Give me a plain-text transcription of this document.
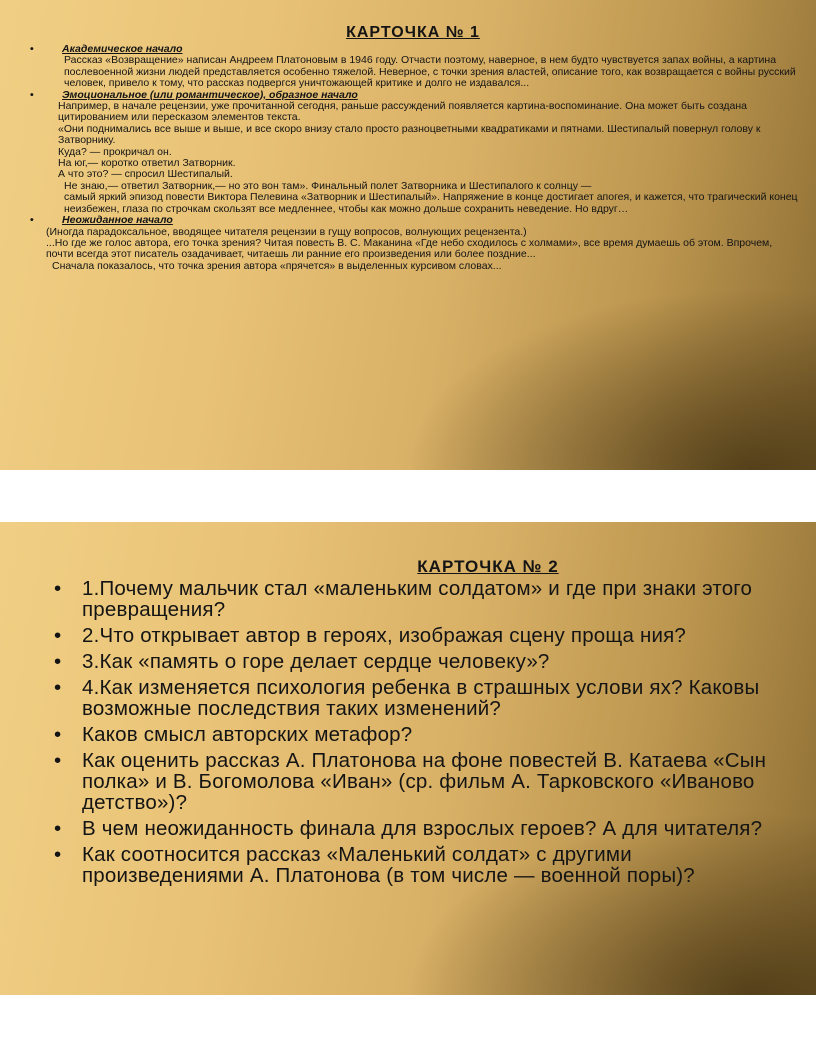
КАРТОЧКА № 1
•	Академическое начало
Рассказ «Возвращение» написан Андреем Платоновым в 1946 году. Отчасти поэтому, наверное, в нем будто чувствуется запах войны, а картина послевоенной жизни людей представляется особенно тяжелой. Неверное, с точки зрения властей, описание того, как возвращается с войны русский человек, привело к тому, что рассказ подвергся уничтожающей критике и долго не издавался...
•	Эмоциональное (или романтическое), образное начало
Например, в начале рецензии, уже прочитанной сегодня, раньше рассуждений появляется картина-воспоминание. Она может быть создана цитированием или пересказом элементов текста.
«Они поднимались все выше и выше, и все скоро внизу стало просто разноцветными квадратиками и пятнами. Шестипалый повернул голову к Затворнику.
Куда? — прокричал он.
На юг,— коротко ответил Затворник.
А что это? — спросил Шестипалый.
Не знаю,— ответил Затворник,— но это вон там». Финальный полет Затворника и Шестипалого к солнцу —
самый яркий эпизод повести Виктора Пелевина «Затворник и Шестипалый». Напряжение в конце достигает апогея, и кажется, что трагический конец неизбежен, глаза по строчкам скользят все медленнее, чтобы как можно дольше сохранить неведение. Но вдруг…
•	Неожиданное начало
(Иногда парадоксальное, вводящее читателя рецензии в гущу вопросов, волнующих рецензента.)
...Но где же голос автора, его точка зрения? Читая повесть В. С. Маканина «Где небо сходилось с холмами», все время думаешь об этом. Впрочем, почти всегда этот писатель озадачивает, читаешь ли ранние его произведения или более поздние...
Сначала показалось, что точка зрения автора «прячется» в выделенных курсивом словах...
КАРТОЧКА № 2
• 1.Почему мальчик стал «маленьким солдатом» и где при знаки этого превращения?
• 2.Что открывает автор в героях, изображая сцену проща ния?
• 3.Как «память о горе делает сердце человеку»?
• 4.Как изменяется психология ребенка в страшных услови ях? Каковы возможные последствия таких изменений?
• Каков смысл авторских метафор?
• Как оценить рассказ А. Платонова на фоне повестей В. Катаева «Сын полка» и В. Богомолова «Иван» (ср. фильм А. Тарковского «Иваново детство»)?
• В чем неожиданность финала для взрослых героев? А для читателя?
• Как соотносится рассказ «Маленький солдат» с другими произведениями А. Платонова (в том числе — военной поры)?
